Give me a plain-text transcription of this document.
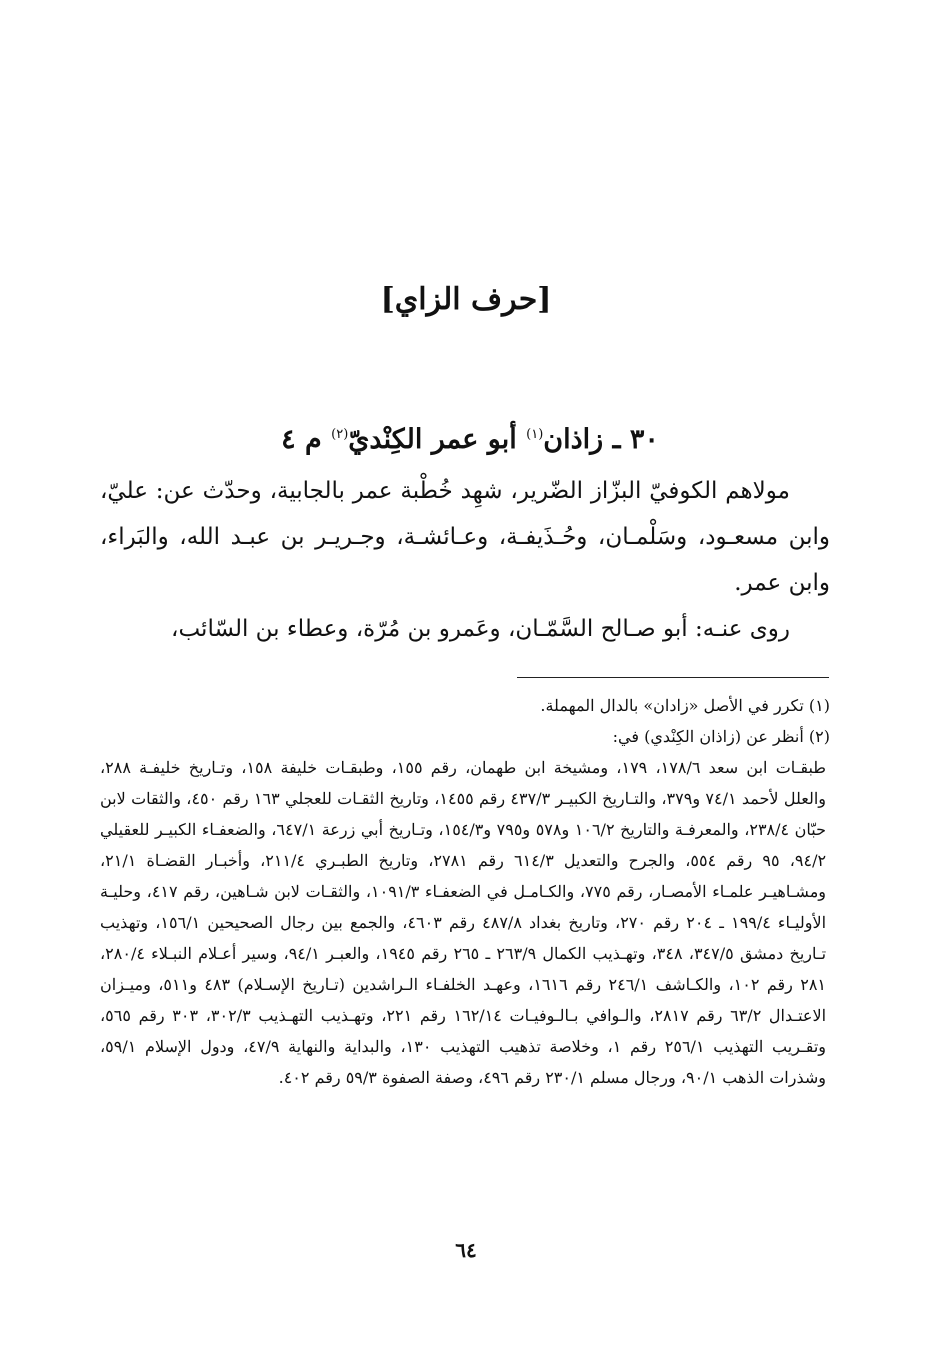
[حرف الزاي]
٣٠ ـ زاذان$^{(١)}$ أبو عمر الكِنْديّ$^{(٢)}$ م ٤

مولاهم الكوفيّ البزّاز الضّرير، شهِد خُطْبة عمر بالجابية، وحدّث عن: عليّ، وابن مسعـود، وسَلْمـان، وحُـذَيفـة، وعـائشـة، وجـريـر بن عبـد الله، والبَراء، وابن عمر.

روى عنـه: أبو صـالح السَّمّـان، وعَمرو بن مُرّة، وعطاء بن السّائب،

(١) تكرر في الأصل «زادان» بالدال المهملة.

(٢) أنظر عن (زاذان الكِنْدي) في:

طبقـات ابن سعد ١٧٨/٦، ١٧٩، ومشيخة ابن طهمان، رقم ١٥٥، وطبقـات خليفة ١٥٨، وتـاريخ خليفـة ٢٨٨، والعلل لأحمد ٧٤/١ و٣٧٩، والتـاريخ الكبيـر ٤٣٧/٣ رقم ١٤٥٥، وتاريخ الثقـات للعجلي ١٦٣ رقم ٤٥٠، والثقات لابن حبّان ٢٣٨/٤، والمعرفـة والتاريخ ١٠٦/٢ و٥٧٨ و٧٩٥ و١٥٤/٣، وتـاريخ أبي زرعة ٦٤٧/١، والضعفـاء الكبيـر للعقيلي ٩٤/٢، ٩٥ رقم ٥٥٤، والجرح والتعديل ٦١٤/٣ رقم ٢٧٨١، وتاريخ الطبـري ٢١١/٤، وأخبـار القضـاة ٢١/١، ومشـاهيـر علمـاء الأمصـار، رقم ٧٧٥، والكـامـل في الضعفـاء ١٠٩١/٣، والثقـات لابن شـاهين، رقم ٤١٧، وحليـة الأوليـاء ١٩٩/٤ ـ ٢٠٤ رقم ٢٧٠، وتاريخ بغداد ٤٨٧/٨ رقم ٤٦٠٣، والجمع بين رجال الصحيحين ١٥٦/١، وتهذيب تـاريخ دمشق ٣٤٧/٥، ٣٤٨، وتهـذيب الكمال ٢٦٣/٩ ـ ٢٦٥ رقم ١٩٤٥، والعبـر ٩٤/١، وسير أعـلام النبـلاء ٢٨٠/٤، ٢٨١ رقم ١٠٢، والكـاشف ٢٤٦/١ رقم ١٦١٦، وعهـد الخلفـاء الـراشدين (تـاريخ الإسـلام) ٤٨٣ و٥١١، وميـزان الاعتـدال ٦٣/٢ رقم ٢٨١٧، والـوافي بـالـوفيـات ١٦٢/١٤ رقم ٢٢١، وتهـذيب التهـذيب ٣٠٢/٣، ٣٠٣ رقم ٥٦٥، وتقـريب التهذيب ٢٥٦/١ رقم ١، وخلاصة تذهيب التهذيب ١٣٠، والبداية والنهاية ٤٧/٩، ودول الإسلام ٥٩/١، وشذرات الذهب ٩٠/١، ورجال مسلم ٢٣٠/١ رقم ٤٩٦، وصفة الصفوة ٥٩/٣ رقم ٤٠٢.

٦٤
